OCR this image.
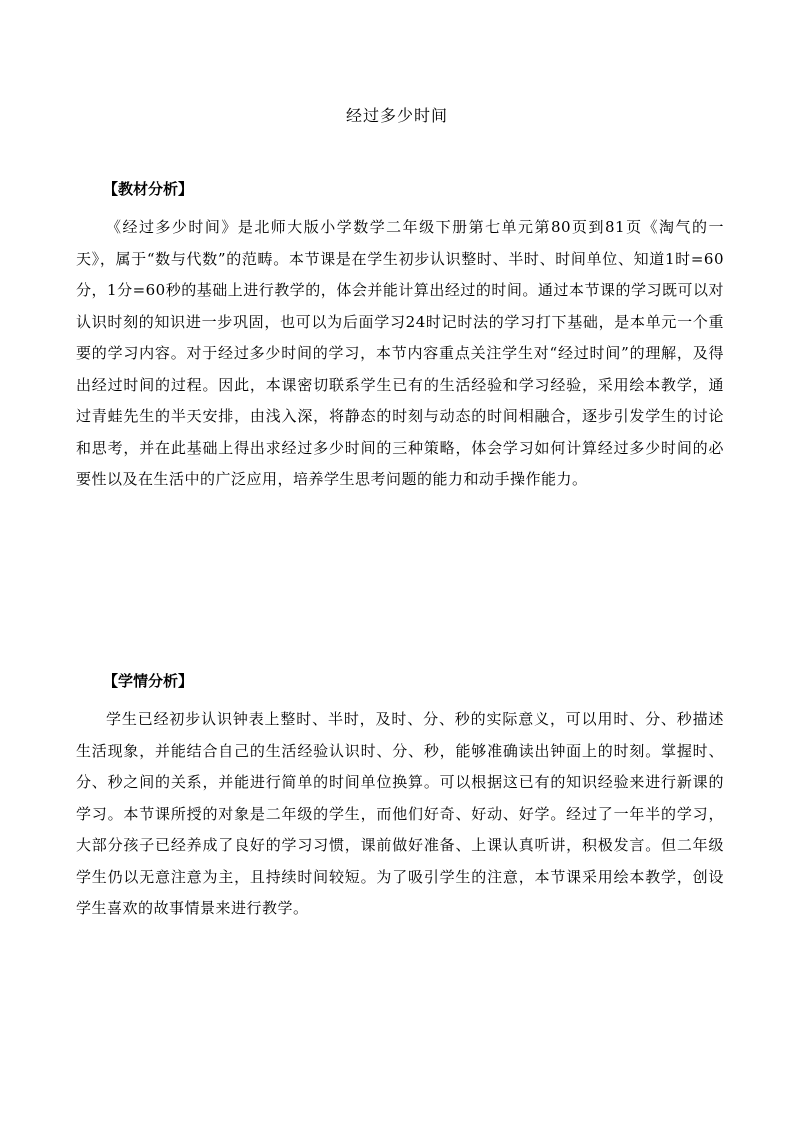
经过多少时间
【教材分析】

《经过多少时间》是北师大版小学数学二年级下册第七单元第80页到81页《淘气的一天》，属于“数与代数”的范畴。本节课是在学生初步认识整时、半时、时间单位、知道1时=60分，1分=60秒的基础上进行教学的，体会并能计算出经过的时间。通过本节课的学习既可以对认识时刻的知识进一步巩固，也可以为后面学习24时记时法的学习打下基础，是本单元一个重要的学习内容。对于经过多少时间的学习，本节内容重点关注学生对“经过时间”的理解，及得出经过时间的过程。因此，本课密切联系学生已有的生活经验和学习经验，采用绘本教学，通过青蛙先生的半天安排，由浅入深，将静态的时刻与动态的时间相融合，逐步引发学生的讨论和思考，并在此基础上得出求经过多少时间的三种策略，体会学习如何计算经过多少时间的必要性以及在生活中的广泛应用，培养学生思考问题的能力和动手操作能力。

【学情分析】

学生已经初步认识钟表上整时、半时，及时、分、秒的实际意义，可以用时、分、秒描述生活现象，并能结合自己的生活经验认识时、分、秒，能够准确读出钟面上的时刻。掌握时、分、秒之间的关系，并能进行简单的时间单位换算。可以根据这已有的知识经验来进行新课的学习。本节课所授的对象是二年级的学生，而他们好奇、好动、好学。经过了一年半的学习，大部分孩子已经养成了良好的学习习惯，课前做好准备、上课认真听讲，积极发言。但二年级学生仍以无意注意为主，且持续时间较短。为了吸引学生的注意，本节课采用绘本教学，创设学生喜欢的故事情景来进行教学。
